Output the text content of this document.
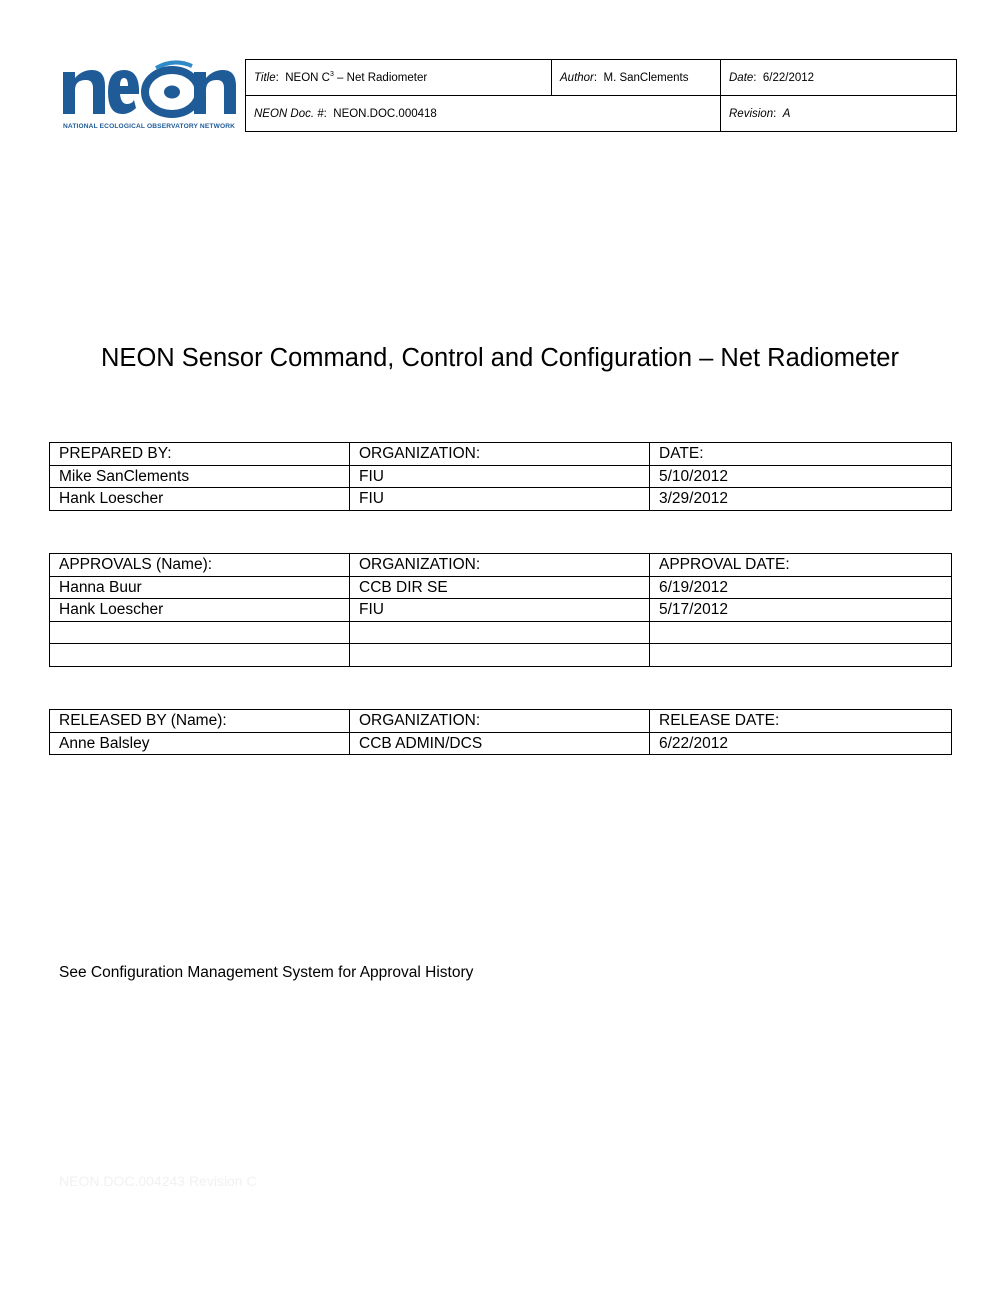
NATIONAL ECOLOGICAL OBSERVATORY NETWORK
Title:  NEON $C^3$ – Net Radiometer	Author:  M. SanClements	Date:  6/22/2012
NEON Doc. #:  NEON.DOC.000418		Revision:  A
NEON Sensor Command, Control and Configuration – Net Radiometer
PREPARED BY:	ORGANIZATION:	DATE:
Mike SanClements	FIU	5/10/2012
Hank Loescher	FIU	3/29/2012
APPROVALS (Name):	ORGANIZATION:	APPROVAL DATE:
Hanna Buur	CCB DIR SE	6/19/2012
Hank Loescher	FIU	5/17/2012

RELEASED BY (Name):	ORGANIZATION:	RELEASE DATE:
Anne Balsley	CCB ADMIN/DCS	6/22/2012
See Configuration Management System for Approval History
NEON.DOC.004243 Revision C
